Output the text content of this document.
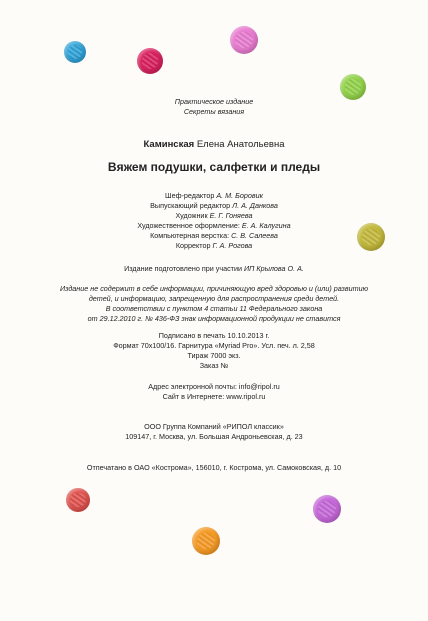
Практическое издание
Секреты вязания
Каминская Елена Анатольевна
Вяжем подушки, салфетки и пледы
Шеф-редактор А. М. Боровик
Выпускающий редактор Л. А. Данкова
Художник Е. Г. Гоняева
Художественное оформление: Е. А. Калугина
Компьютерная верстка: С. В. Салеева
Корректор Г. А. Рогова
Издание подготовлено при участии ИП Крылова О. А.
Издание не содержит в себе информации, причиняющую вред здоровью и (или) развитию
детей, и информацию, запрещенную для распространения среди детей.
В соответствии с пунктом 4 статьи 11 Федерального закона
от 29.12.2010 г. № 436-ФЗ знак информационной продукции не ставится
Подписано в печать 10.10.2013 г.
Формат 70х100/16. Гарнитура «Myriad Pro». Усл. печ. л. 2,58
Тираж 7000 экз.
Заказ №
Адрес электронной почты: info@ripol.ru
Сайт в Интернете: www.ripol.ru
ООО Группа Компаний «РИПОЛ классик»
109147, г. Москва, ул. Большая Андроньевская, д. 23
Отпечатано в ОАО «Кострома», 156010, г. Кострома, ул. Самоковская, д. 10
